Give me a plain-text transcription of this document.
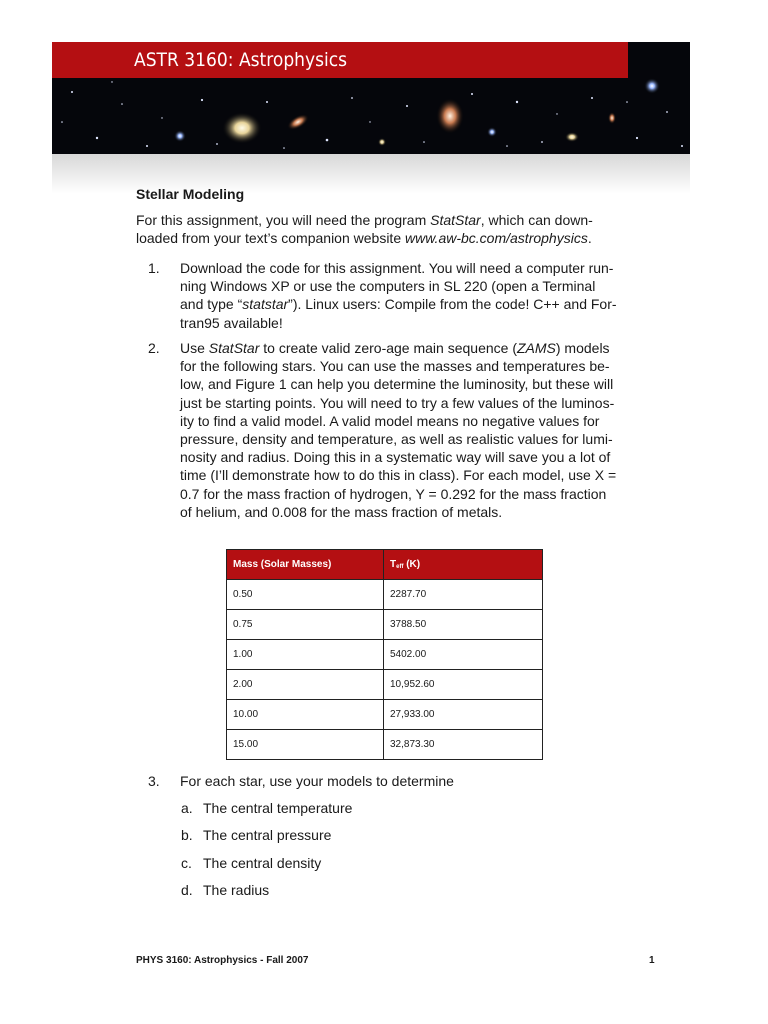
ASTR 3160: Astrophysics
Stellar Modeling
For this assignment, you will need the program StatStar, which can down-
loaded from your text’s companion website www.aw-bc.com/astrophysics.
1. Download the code for this assignment. You will need a computer run-
ning Windows XP or use the computers in SL 220 (open a Terminal
and type “statstar”). Linux users: Compile from the code! C++ and For-
tran95 available!
2. Use StatStar to create valid zero-age main sequence (ZAMS) models
for the following stars. You can use the masses and temperatures be-
low, and Figure 1 can help you determine the luminosity, but these will
just be starting points. You will need to try a few values of the luminos-
ity to find a valid model. A valid model means no negative values for
pressure, density and temperature, as well as realistic values for lumi-
nosity and radius. Doing this in a systematic way will save you a lot of
time (I’ll demonstrate how to do this in class). For each model, use X =
0.7 for the mass fraction of hydrogen, Y = 0.292 for the mass fraction
of helium, and 0.008 for the mass fraction of metals.
Mass (Solar Masses)	Teff (K)
0.50	2287.70
0.75	3788.50
1.00	5402.00
2.00	10,952.60
10.00	27,933.00
15.00	32,873.30
3. For each star, use your models to determine
a. The central temperature
b. The central pressure
c. The central density
d. The radius
PHYS 3160: Astrophysics - Fall 2007	1
